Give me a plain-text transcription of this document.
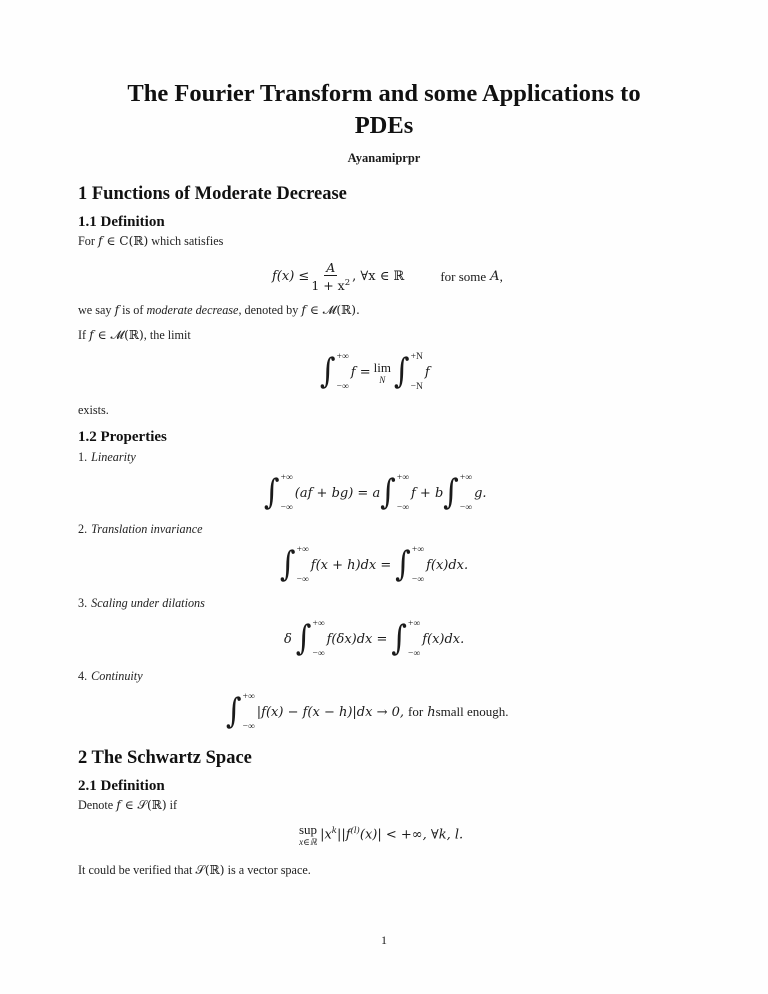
The Fourier Transform and some Applications to
PDEs
Ayanamiprpr
1 Functions of Moderate Decrease
1.1 Definition
For f ∈ C(ℝ) which satisfies
$f(x) \le \frac{A}{1 + x^2}$ , ∀x ∈ ℝ	for some A ,
we say f is of moderate decrease, denoted by f ∈ 𝓜(ℝ).
If f ∈ 𝓜(ℝ), the limit
∫ +∞
−∞
f = lim
N ∫ +N
−N
f
exists.
1.2 Properties
1. Linearity
∫ +∞
−∞
(af + bg) = a ∫ +∞
−∞
f + b ∫ +∞
−∞
g.
2. Translation invariance
∫ +∞
−∞
f(x + h)dx = ∫ +∞
−∞
f(x)dx.
3. Scaling under dilations
δ ∫ +∞
−∞
f(δx)dx = ∫ +∞
−∞
f(x)dx.
4. Continuity
∫ +∞
−∞
|f(x) − f(x − h)|dx → 0, for h small enough.
2 The Schwartz Space
2.1 Definition
Denote f ∈ 𝒮(ℝ) if
sup
x∈ℝ $|x^k||f^{(l)}(x)|$ < +∞, ∀k, l.
It could be verified that 𝒮(ℝ) is a vector space.
1
